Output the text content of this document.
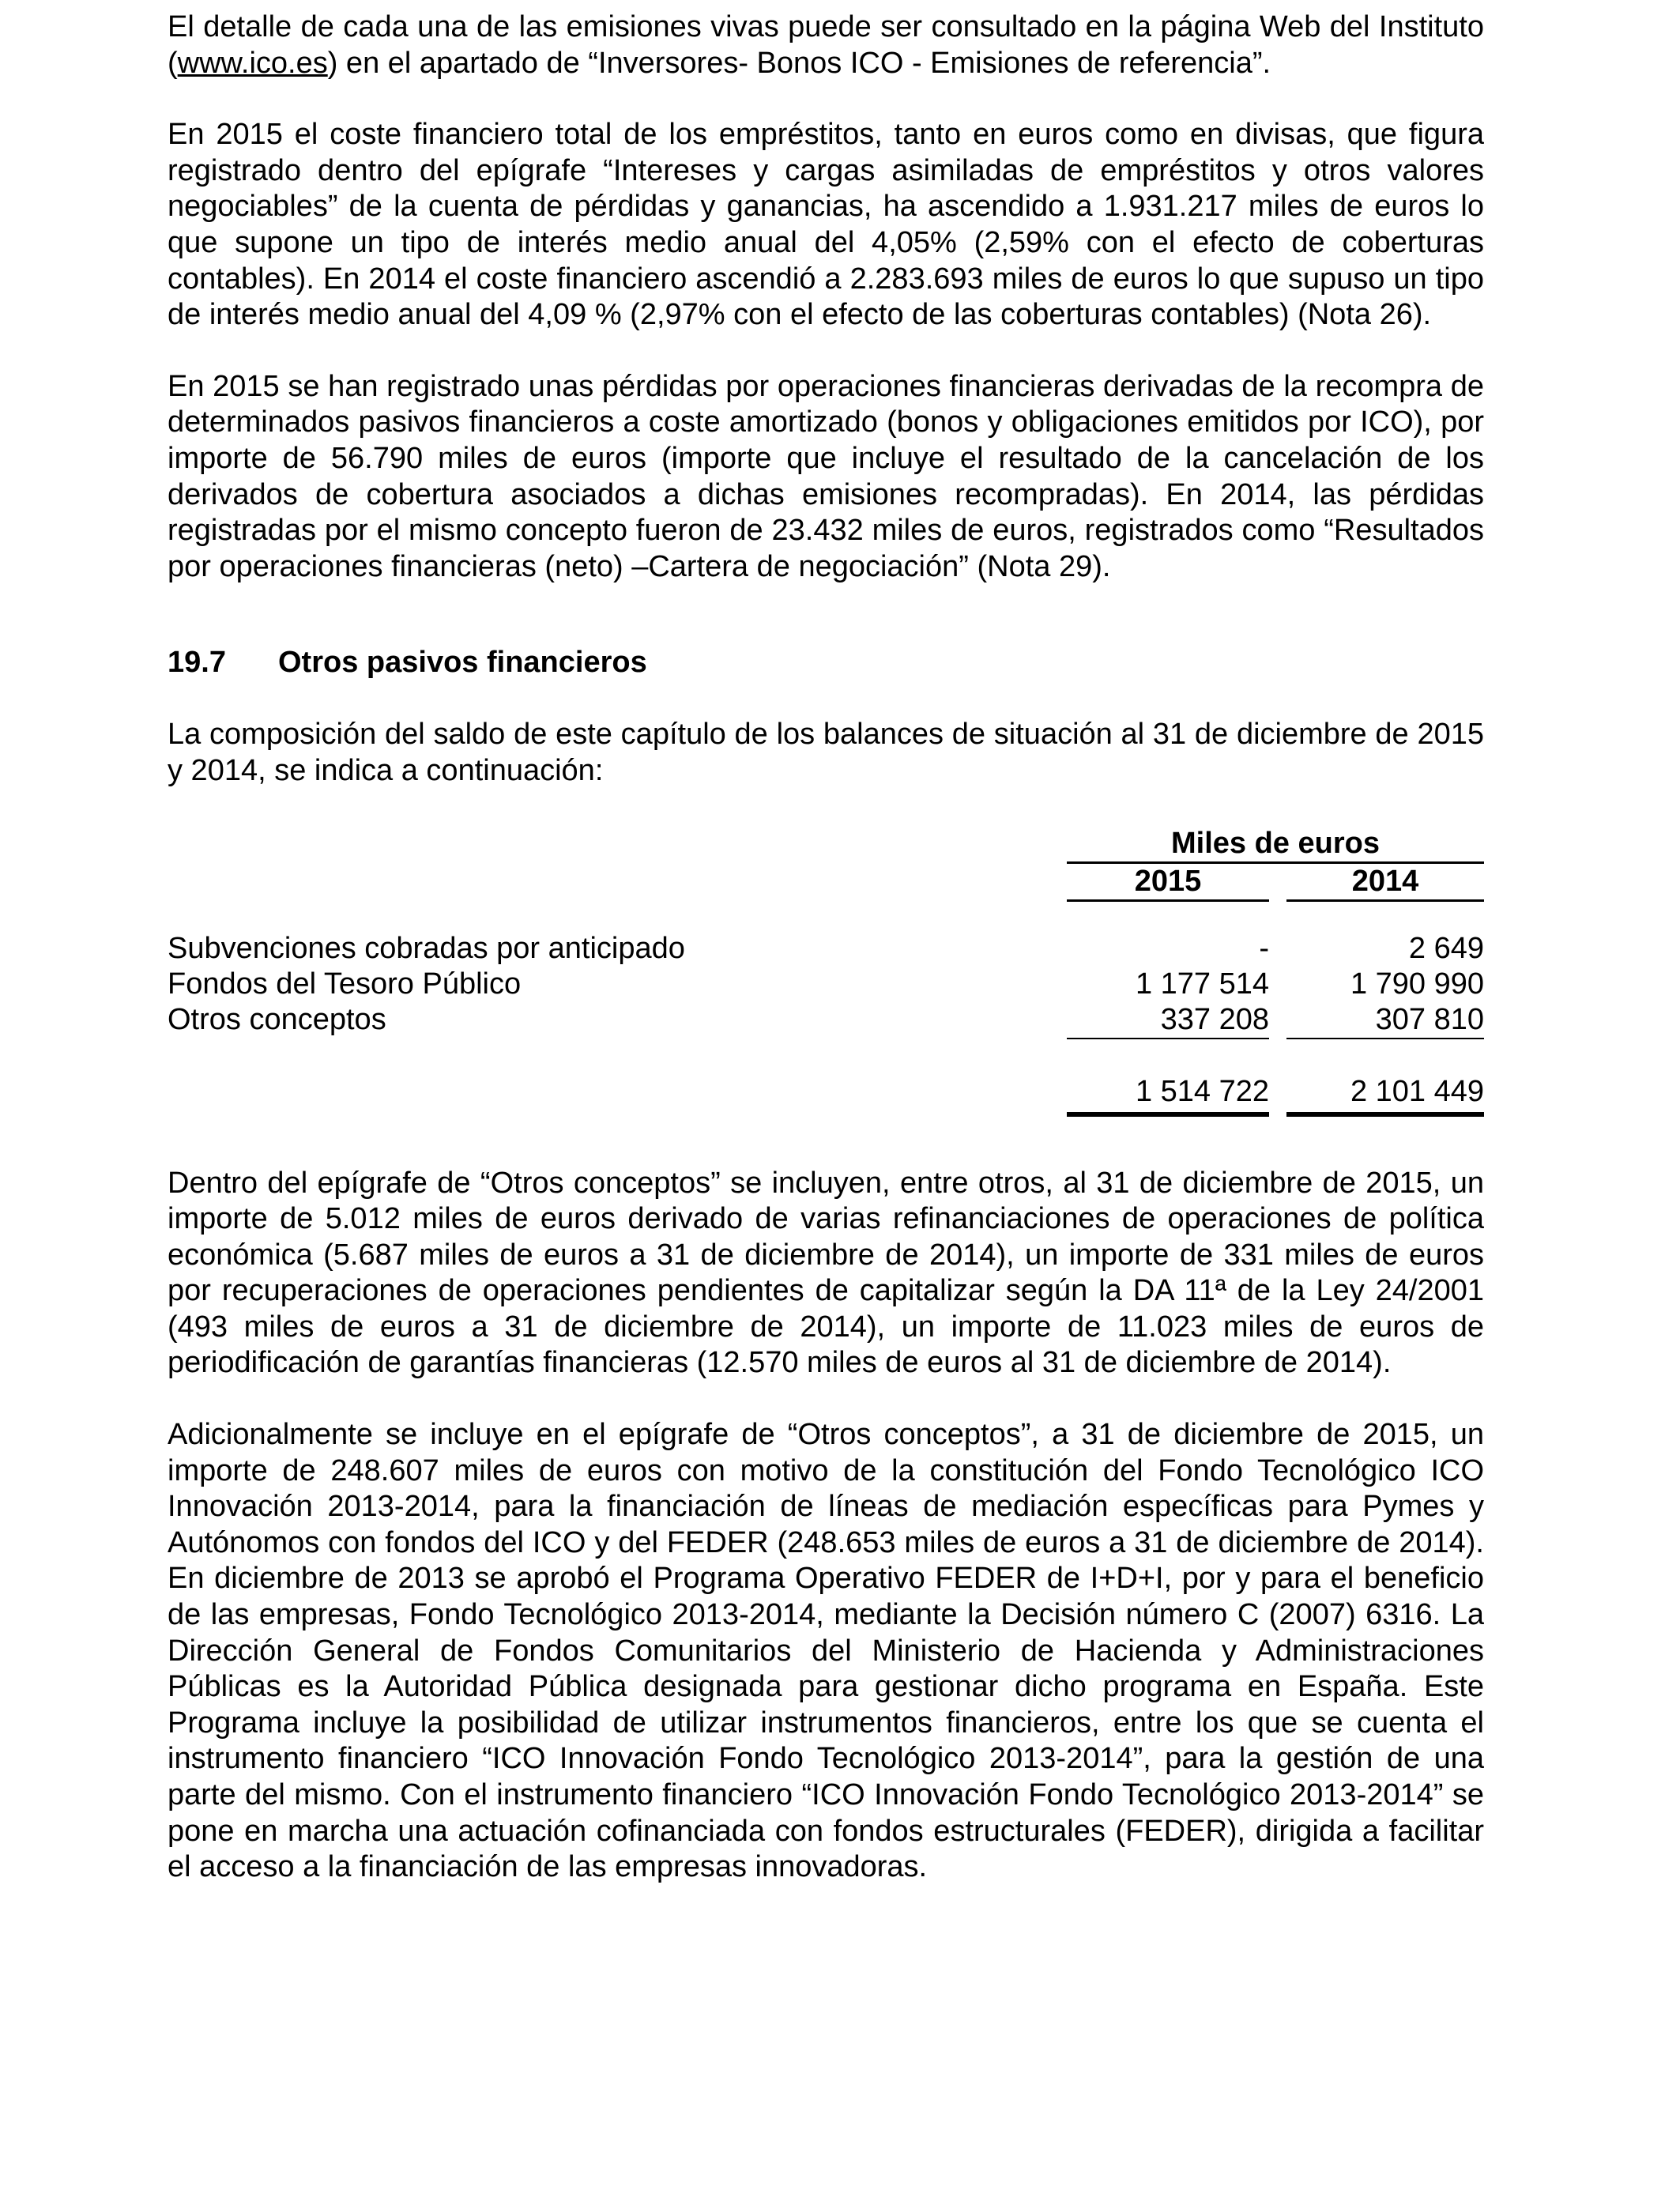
El detalle de cada una de las emisiones vivas puede ser consultado en la página Web del Instituto (www.ico.es) en el apartado de “Inversores- Bonos ICO - Emisiones de referencia”.

En 2015 el coste financiero total de los empréstitos, tanto en euros como en divisas, que figura registrado dentro del epígrafe “Intereses y cargas asimiladas de empréstitos y otros valores negociables” de la cuenta de pérdidas y ganancias, ha ascendido a 1.931.217 miles de euros lo que supone un tipo de interés medio anual del 4,05% (2,59% con el efecto de coberturas contables). En 2014 el coste financiero ascendió a 2.283.693 miles de euros lo que supuso un tipo de interés medio anual del 4,09 % (2,97% con el efecto de las coberturas contables) (Nota 26).

En 2015 se han registrado unas pérdidas por operaciones financieras derivadas de la recompra de determinados pasivos financieros a coste amortizado (bonos y obligaciones emitidos por ICO), por importe de 56.790 miles de euros (importe que incluye el resultado de la cancelación de los derivados de cobertura asociados a dichas emisiones recompradas). En 2014, las pérdidas registradas por el mismo concepto fueron de 23.432 miles de euros, registrados como “Resultados por operaciones financieras (neto) –Cartera de negociación” (Nota 29).

19.7	Otros pasivos financieros

La composición del saldo de este capítulo de los balances de situación al 31 de diciembre de 2015 y 2014, se indica a continuación:

Miles de euros
2015	2014
Subvenciones cobradas por anticipado	-	2 649
Fondos del Tesoro Público	1 177 514	1 790 990
Otros conceptos	337 208	307 810
1 514 722	2 101 449

Dentro del epígrafe de “Otros conceptos” se incluyen, entre otros, al 31 de diciembre de 2015, un importe de 5.012 miles de euros derivado de varias refinanciaciones de operaciones de política económica (5.687 miles de euros a 31 de diciembre de 2014), un importe de 331 miles de euros por recuperaciones de operaciones pendientes de capitalizar según la DA 11ª de la Ley 24/2001 (493 miles de euros a 31 de diciembre de 2014), un importe de 11.023 miles de euros de periodificación de garantías financieras (12.570 miles de euros al 31 de diciembre de 2014).

Adicionalmente se incluye en el epígrafe de “Otros conceptos”, a 31 de diciembre de 2015, un importe de 248.607 miles de euros con motivo de la constitución del Fondo Tecnológico ICO Innovación 2013-2014, para la financiación de líneas de mediación específicas para Pymes y Autónomos con fondos del ICO y del FEDER (248.653 miles de euros a 31 de diciembre de 2014). En diciembre de 2013 se aprobó el Programa Operativo FEDER de I+D+I, por y para el beneficio de las empresas, Fondo Tecnológico 2013-2014, mediante la Decisión número C (2007) 6316. La Dirección General de Fondos Comunitarios del Ministerio de Hacienda y Administraciones Públicas es la Autoridad Pública designada para gestionar dicho programa en España. Este Programa incluye la posibilidad de utilizar instrumentos financieros, entre los que se cuenta el instrumento financiero “ICO Innovación Fondo Tecnológico 2013-2014”, para la gestión de una parte del mismo. Con el instrumento financiero “ICO Innovación Fondo Tecnológico 2013-2014” se pone en marcha una actuación cofinanciada con fondos estructurales (FEDER), dirigida a facilitar el acceso a la financiación de las empresas innovadoras.
